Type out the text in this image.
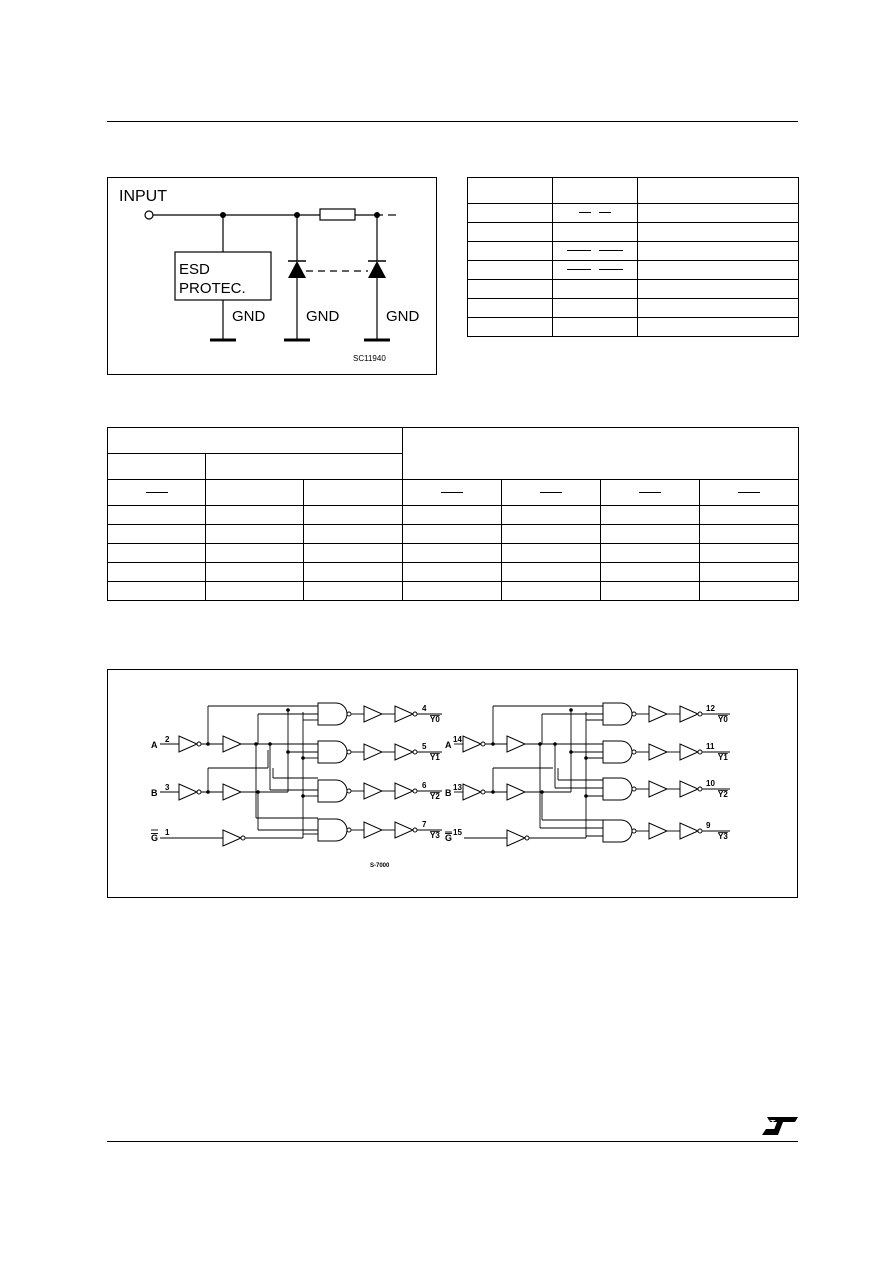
INPUT
ESD
PROTEC.
GND	GND	GND
SC11940

A
2
B
3
G
1
4
Y0
5
Y1
6
Y2
7
Y3
A
14
B
13
G
15
12
Y0
11
Y1
10
Y2
9
Y3
S-7000
ST
